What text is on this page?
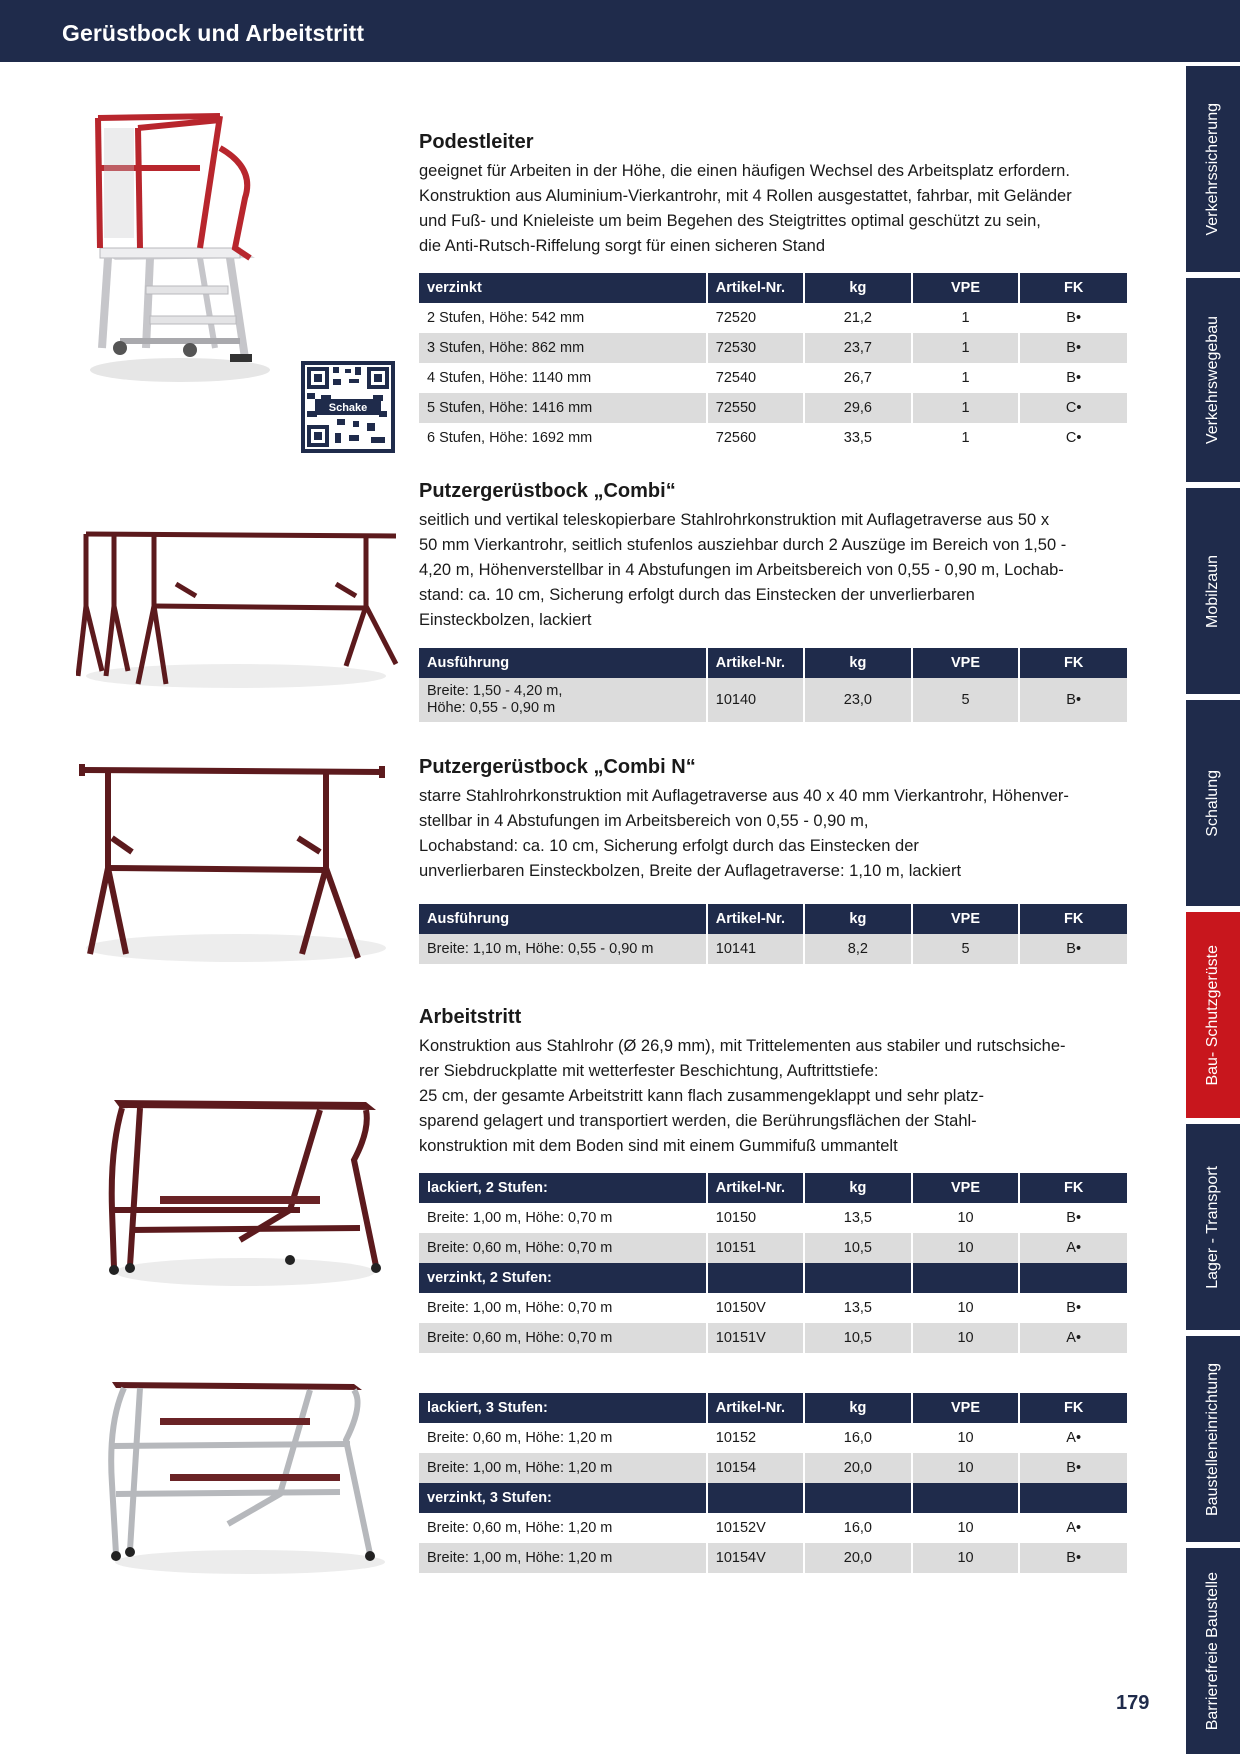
Gerüstbock und Arbeitstritt
Verkehrssicherung
Verkehrswegebau
Mobilzaun
Schalung
Bau- Schutzgerüste
Lager - Transport
Baustelleneinrichtung
Barrierefreie Baustelle
Schake
Podestleiter
geeignet für Arbeiten in der Höhe, die einen häufigen Wechsel des Arbeitsplatz erfordern.
Konstruktion aus Aluminium-Vierkantrohr, mit 4 Rollen ausgestattet, fahrbar, mit Geländer
und Fuß- und Knieleiste um beim Begehen des Steigtrittes optimal geschützt zu sein,
die Anti-Rutsch-Riffelung sorgt für einen sicheren Stand
verzinkt	Artikel-Nr.	kg	VPE	FK
2 Stufen, Höhe: 542 mm	72520	21,2	1	B•
3 Stufen, Höhe: 862 mm	72530	23,7	1	B•
4 Stufen, Höhe: 1140 mm	72540	26,7	1	B•
5 Stufen, Höhe: 1416 mm	72550	29,6	1	C•
6 Stufen, Höhe: 1692 mm	72560	33,5	1	C•
Putzergerüstbock „Combi“
seitlich und vertikal teleskopierbare Stahlrohrkonstruktion mit Auflagetraverse aus 50 x
50 mm Vierkantrohr, seitlich stufenlos ausziehbar durch 2 Auszüge im Bereich von 1,50 -
4,20 m, Höhenverstellbar in 4 Abstufungen im Arbeitsbereich von 0,55 - 0,90 m, Lochab-
stand: ca. 10 cm, Sicherung erfolgt durch das Einstecken der unverlierbaren
Einsteckbolzen, lackiert
Ausführung	Artikel-Nr.	kg	VPE	FK

Breite: 1,50 - 4,20 m,
Höhe: 0,55 - 0,90 m	10140	23,0	5	B•
Putzergerüstbock „Combi N“
starre Stahlrohrkonstruktion mit Auflagetraverse aus 40 x 40 mm Vierkantrohr, Höhenver-
stellbar in 4 Abstufungen im Arbeitsbereich von 0,55 - 0,90 m,
Lochabstand: ca. 10 cm, Sicherung erfolgt durch das Einstecken der
unverlierbaren Einsteckbolzen, Breite der Auflagetraverse: 1,10 m, lackiert
Ausführung	Artikel-Nr.	kg	VPE	FK
Breite: 1,10 m, Höhe: 0,55 - 0,90 m	10141	8,2	5	B•
Arbeitstritt
Konstruktion aus Stahlrohr (Ø 26,9 mm), mit Trittelementen aus stabiler und rutschsiche-
rer Siebdruckplatte mit wetterfester Beschichtung, Auftrittstiefe:
25 cm, der gesamte Arbeitstritt kann flach zusammengeklappt und sehr platz-
sparend gelagert und transportiert werden, die Berührungsflächen der Stahl-
konstruktion mit dem Boden sind mit einem Gummifuß ummantelt
lackiert, 2 Stufen:	Artikel-Nr.	kg	VPE	FK
Breite: 1,00 m, Höhe: 0,70 m	10150	13,5	10	B•
Breite: 0,60 m, Höhe: 0,70 m	10151	10,5	10	A•
verzinkt, 2 Stufen:				
Breite: 1,00 m, Höhe: 0,70 m	10150V	13,5	10	B•
Breite: 0,60 m, Höhe: 0,70 m	10151V	10,5	10	A•
lackiert, 3 Stufen:	Artikel-Nr.	kg	VPE	FK
Breite: 0,60 m, Höhe: 1,20 m	10152	16,0	10	A•
Breite: 1,00 m, Höhe: 1,20 m	10154	20,0	10	B•
verzinkt, 3 Stufen:				
Breite: 0,60 m, Höhe: 1,20 m	10152V	16,0	10	A•
Breite: 1,00 m, Höhe: 1,20 m	10154V	20,0	10	B•
179
